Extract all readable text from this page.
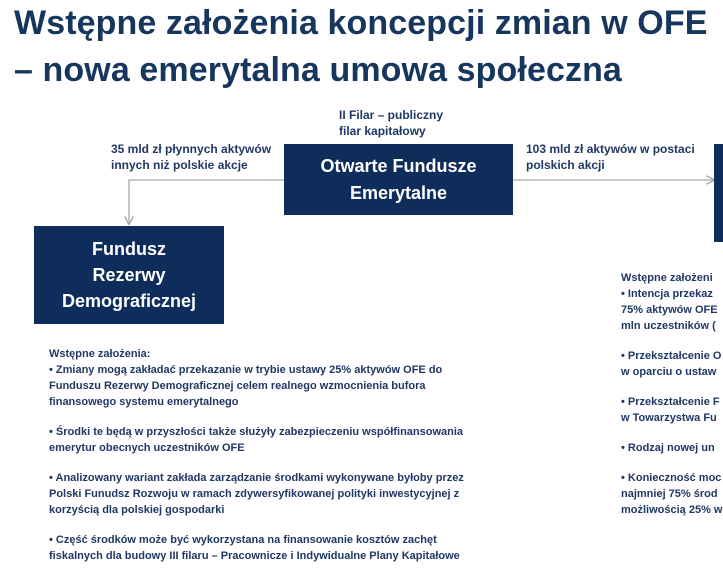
Wstępne założenia koncepcji zmian w OFE
– nowa emerytalna umowa społeczna
II Filar – publiczny
filar kapitałowy
35 mld zł płynnych aktywów
innych niż polskie akcje
103 mld zł aktywów w postaci
polskich akcji
Otwarte Fundusze
Emerytalne
Fundusz
Rezerwy
Demograficznej

Wstępne założenia:

• Zmiany mogą zakładać przekazanie w trybie ustawy 25% aktywów OFE do

Funduszu Rezerwy Demograficznej celem realnego wzmocnienia bufora

finansowego systemu emerytalnego

• Środki te będą w przyszłości także służyły zabezpieczeniu współfinansowania

emerytur obecnych uczestników OFE

• Analizowany wariant zakłada zarządzanie środkami wykonywane byłoby przez

Polski Funudsz Rozwoju w ramach zdywersyfikowanej polityki inwestycyjnej z

korzyścią dla polskiej gospodarki

• Część środków może być wykorzystana na finansowanie kosztów zachęt

fiskalnych dla budowy III filaru – Pracownicze i Indywidualne Plany Kapitałowe

Wstępne założeni

• Intencja przekaz

75% aktywów OFE

mln uczestników (

• Przekształcenie O

w oparciu o ustaw

• Przekształcenie F

w Towarzystwa Fu

• Rodzaj nowej un

• Konieczność moc

najmniej 75% środ

możliwością 25% w
